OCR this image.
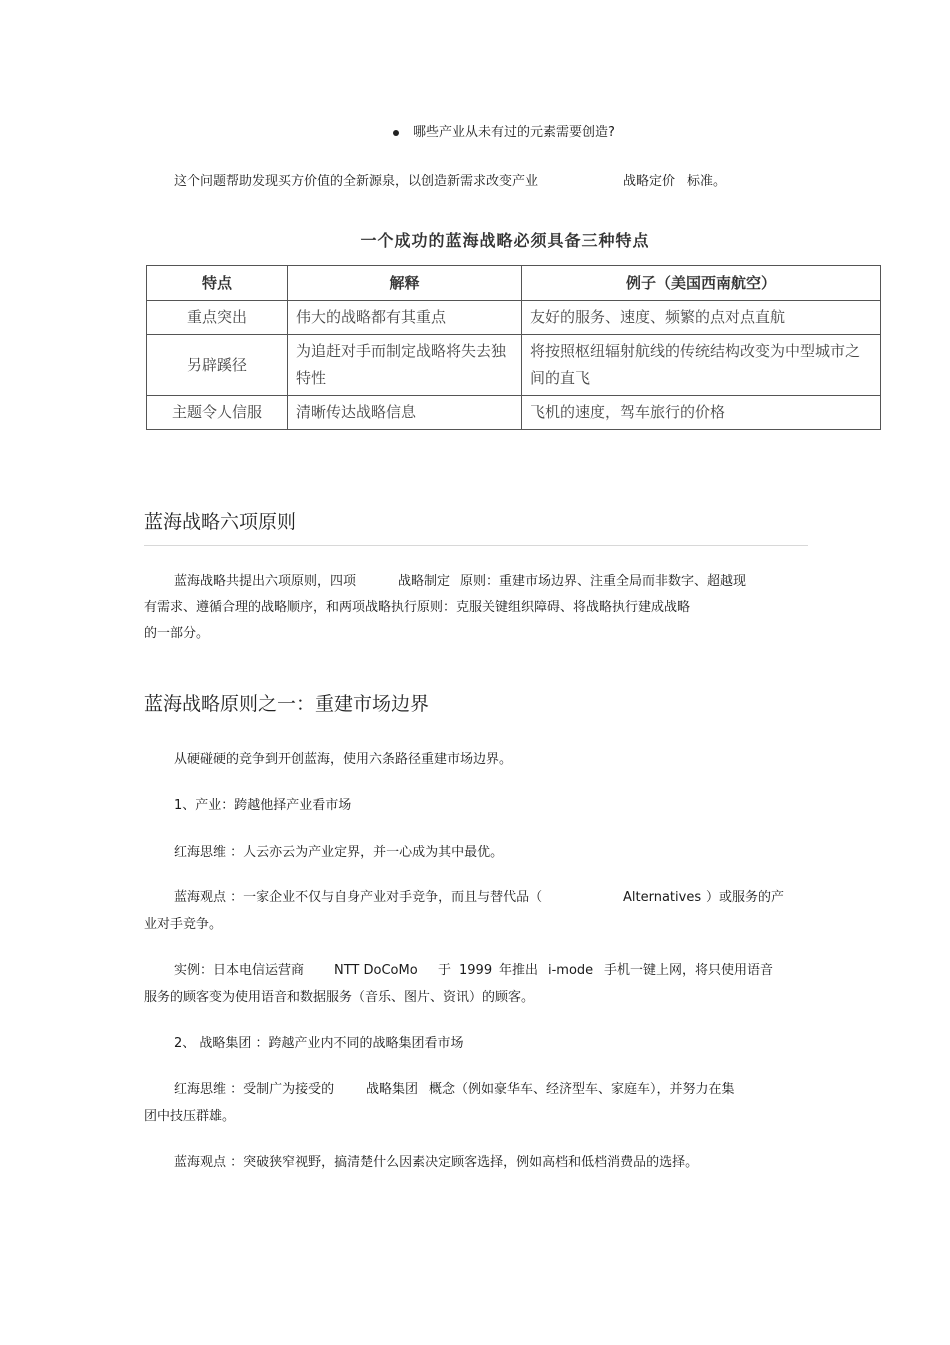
哪些产业从未有过的元素需要创造?
这个问题帮助发现买方价值的全新源泉，以创造新需求改变产业	战略定价 标准。
一个成功的蓝海战略必须具备三种特点
特点	解释	例子（美国西南航空）
重点突出	伟大的战略都有其重点	友好的服务、速度、频繁的点对点直航
另辟蹊径	为追赶对手而制定战略将失去独特性	将按照枢纽辐射航线的传统结构改变为中型城市之间的直飞
主题令人信服	清晰传达战略信息	飞机的速度，驾车旅行的价格
蓝海战略六项原则
蓝海战略共提出六项原则，四项	战略制定 原则：重建市场边界、注重全局而非数字、超越现
有需求、遵循合理的战略顺序，和两项战略执行原则：克服关键组织障碍、将战略执行建成战略
的一部分。
蓝海战略原则之一：重建市场边界
从硬碰硬的竞争到开创蓝海，使用六条路径重建市场边界。
1、产业：跨越他择产业看市场
红海思维 ：人云亦云为产业定界，并一心成为其中最优。
蓝海观点 ：一家企业不仅与自身产业对手竞争，而且与替代品（	Alternatives ）或服务的产
业对手竞争。
实例：日本电信运营商 NTT DoCoMo 于 1999 年推出 i-mode 手机一键上网，将只使用语音
服务的顾客变为使用语音和数据服务（音乐、图片、资讯）的顾客。
2、 战略集团 ：跨越产业内不同的战略集团看市场
红海思维 ：受制广为接受的 战略集团 概念（例如豪华车、经济型车、家庭车），并努力在集
团中技压群雄。
蓝海观点 ：突破狭窄视野，搞清楚什么因素决定顾客选择，例如高档和低档消费品的选择。
